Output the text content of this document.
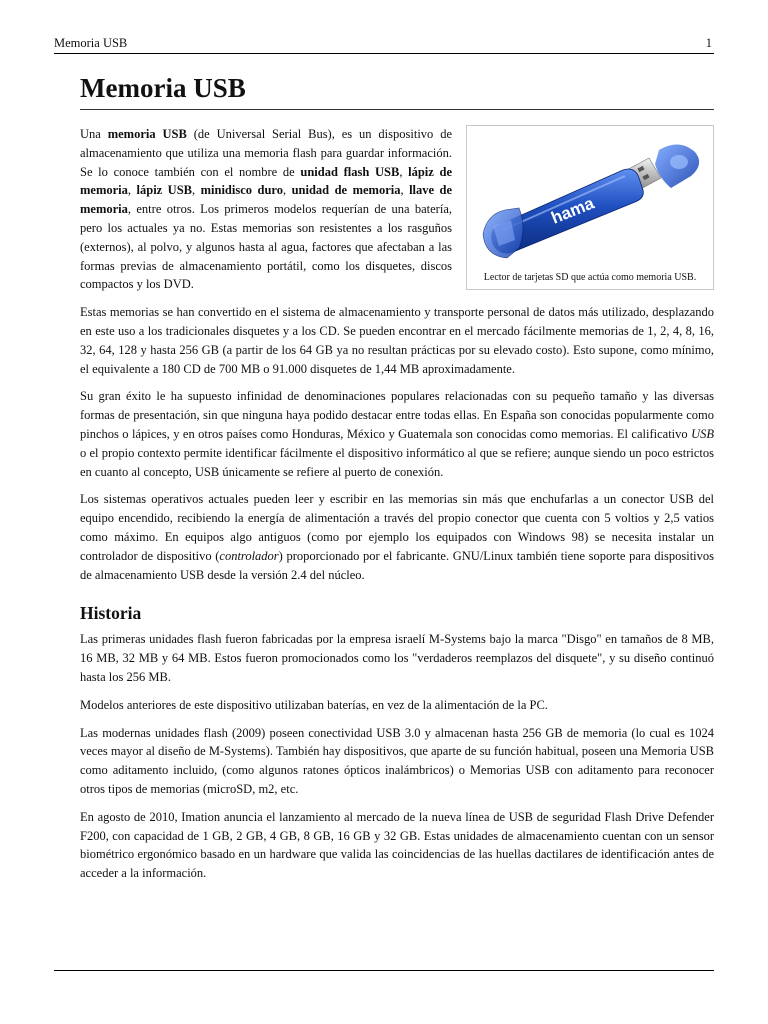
Memoria USB	1
Memoria USB
hama
Lector de tarjetas SD que actúa como memoria USB.

Una memoria USB (de Universal Serial Bus), es un dispositivo de almacenamiento que utiliza una memoria flash para guardar información. Se lo conoce también con el nombre de unidad flash USB, lápiz de memoria, lápiz USB, minidisco duro, unidad de memoria, llave de memoria, entre otros. Los primeros modelos requerían de una batería, pero los actuales ya no. Estas memorias son resistentes a los rasguños (externos), al polvo, y algunos hasta al agua, factores que afectaban a las formas previas de almacenamiento portátil, como los disquetes, discos compactos y los DVD.

Estas memorias se han convertido en el sistema de almacenamiento y transporte personal de datos más utilizado, desplazando en este uso a los tradicionales disquetes y a los CD. Se pueden encontrar en el mercado fácilmente memorias de 1, 2, 4, 8, 16, 32, 64, 128 y hasta 256 GB (a partir de los 64 GB ya no resultan prácticas por su elevado costo). Esto supone, como mínimo, el equivalente a 180 CD de 700 MB o 91.000 disquetes de 1,44 MB aproximadamente.

Su gran éxito le ha supuesto infinidad de denominaciones populares relacionadas con su pequeño tamaño y las diversas formas de presentación, sin que ninguna haya podido destacar entre todas ellas. En España son conocidas popularmente como pinchos o lápices, y en otros países como Honduras, México y Guatemala son conocidas como memorias. El calificativo USB o el propio contexto permite identificar fácilmente el dispositivo informático al que se refiere; aunque siendo un poco estrictos en cuanto al concepto, USB únicamente se refiere al puerto de conexión.

Los sistemas operativos actuales pueden leer y escribir en las memorias sin más que enchufarlas a un conector USB del equipo encendido, recibiendo la energía de alimentación a través del propio conector que cuenta con 5 voltios y 2,5 vatios como máximo. En equipos algo antiguos (como por ejemplo los equipados con Windows 98) se necesita instalar un controlador de dispositivo (controlador) proporcionado por el fabricante. GNU/Linux también tiene soporte para dispositivos de almacenamiento USB desde la versión 2.4 del núcleo.

Historia

Las primeras unidades flash fueron fabricadas por la empresa israelí M-Systems bajo la marca "Disgo" en tamaños de 8 MB, 16 MB, 32 MB y 64 MB. Estos fueron promocionados como los "verdaderos reemplazos del disquete", y su diseño continuó hasta los 256 MB.

Modelos anteriores de este dispositivo utilizaban baterías, en vez de la alimentación de la PC.

Las modernas unidades flash (2009) poseen conectividad USB 3.0 y almacenan hasta 256 GB de memoria (lo cual es 1024 veces mayor al diseño de M-Systems). También hay dispositivos, que aparte de su función habitual, poseen una Memoria USB como aditamento incluido, (como algunos ratones ópticos inalámbricos) o Memorias USB con aditamento para reconocer otros tipos de memorias (microSD, m2, etc.

En agosto de 2010, Imation anuncia el lanzamiento al mercado de la nueva línea de USB de seguridad Flash Drive Defender F200, con capacidad de 1 GB, 2 GB, 4 GB, 8 GB, 16 GB y 32 GB. Estas unidades de almacenamiento cuentan con un sensor biométrico ergonómico basado en un hardware que valida las coincidencias de las huellas dactilares de identificación antes de acceder a la información.
